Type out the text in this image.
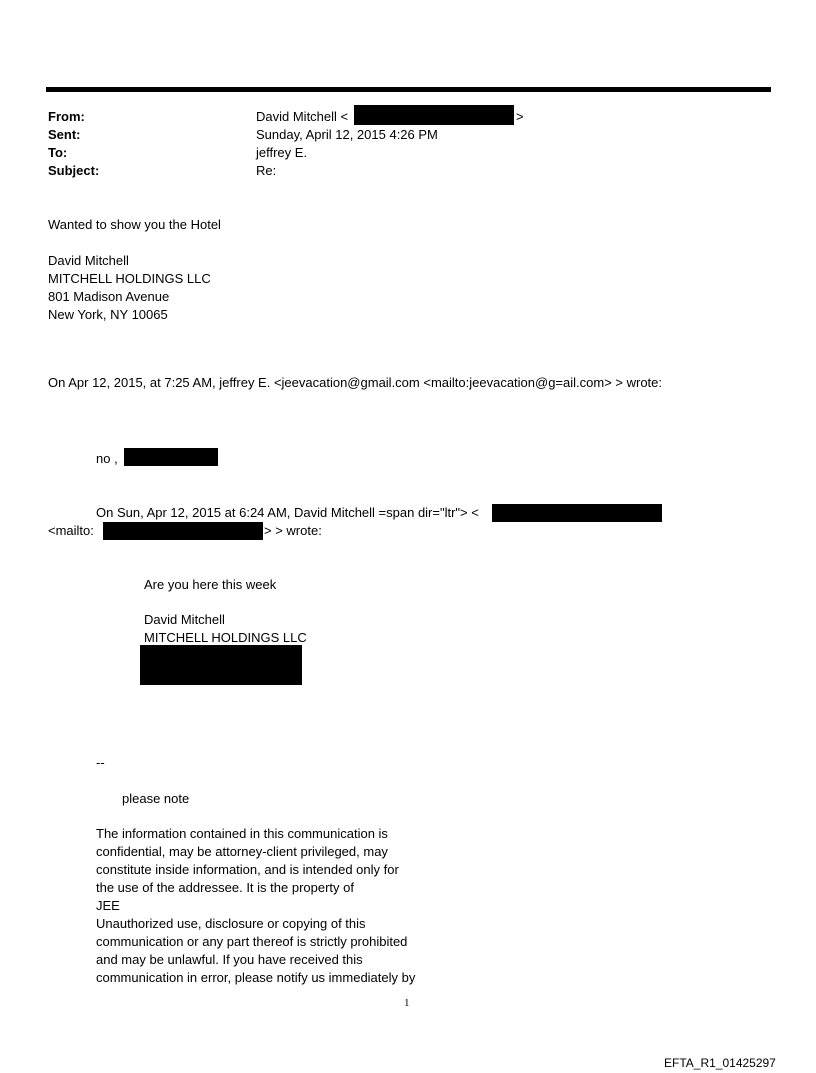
From:	David Mitchell <	>
Sent:	Sunday, April 12, 2015 4:26 PM
To:	jeffrey E.
Subject:	Re:
Wanted to show you the Hotel
David Mitchell
MITCHELL HOLDINGS LLC
801 Madison Avenue
New York, NY 10065
On Apr 12, 2015, at 7:25 AM, jeffrey E. <jeevacation@gmail.com <mailto:jeevacation@g=ail.com> > wrote:
no ,
On Sun, Apr 12, 2015 at 6:24 AM, David Mitchell =span dir="ltr"> <
<mailto:	> > wrote:
Are you here this week
David Mitchell
MITCHELL HOLDINGS LLC
--
please note
The information contained in this communication is
confidential, may be attorney-client privileged, may
constitute inside information, and is intended only for
the use of the addressee. It is the property of
JEE
Unauthorized use, disclosure or copying of this
communication or any part thereof is strictly prohibited
and may be unlawful. If you have received this
communication in error, please notify us immediately by
1
EFTA_R1_01425297
